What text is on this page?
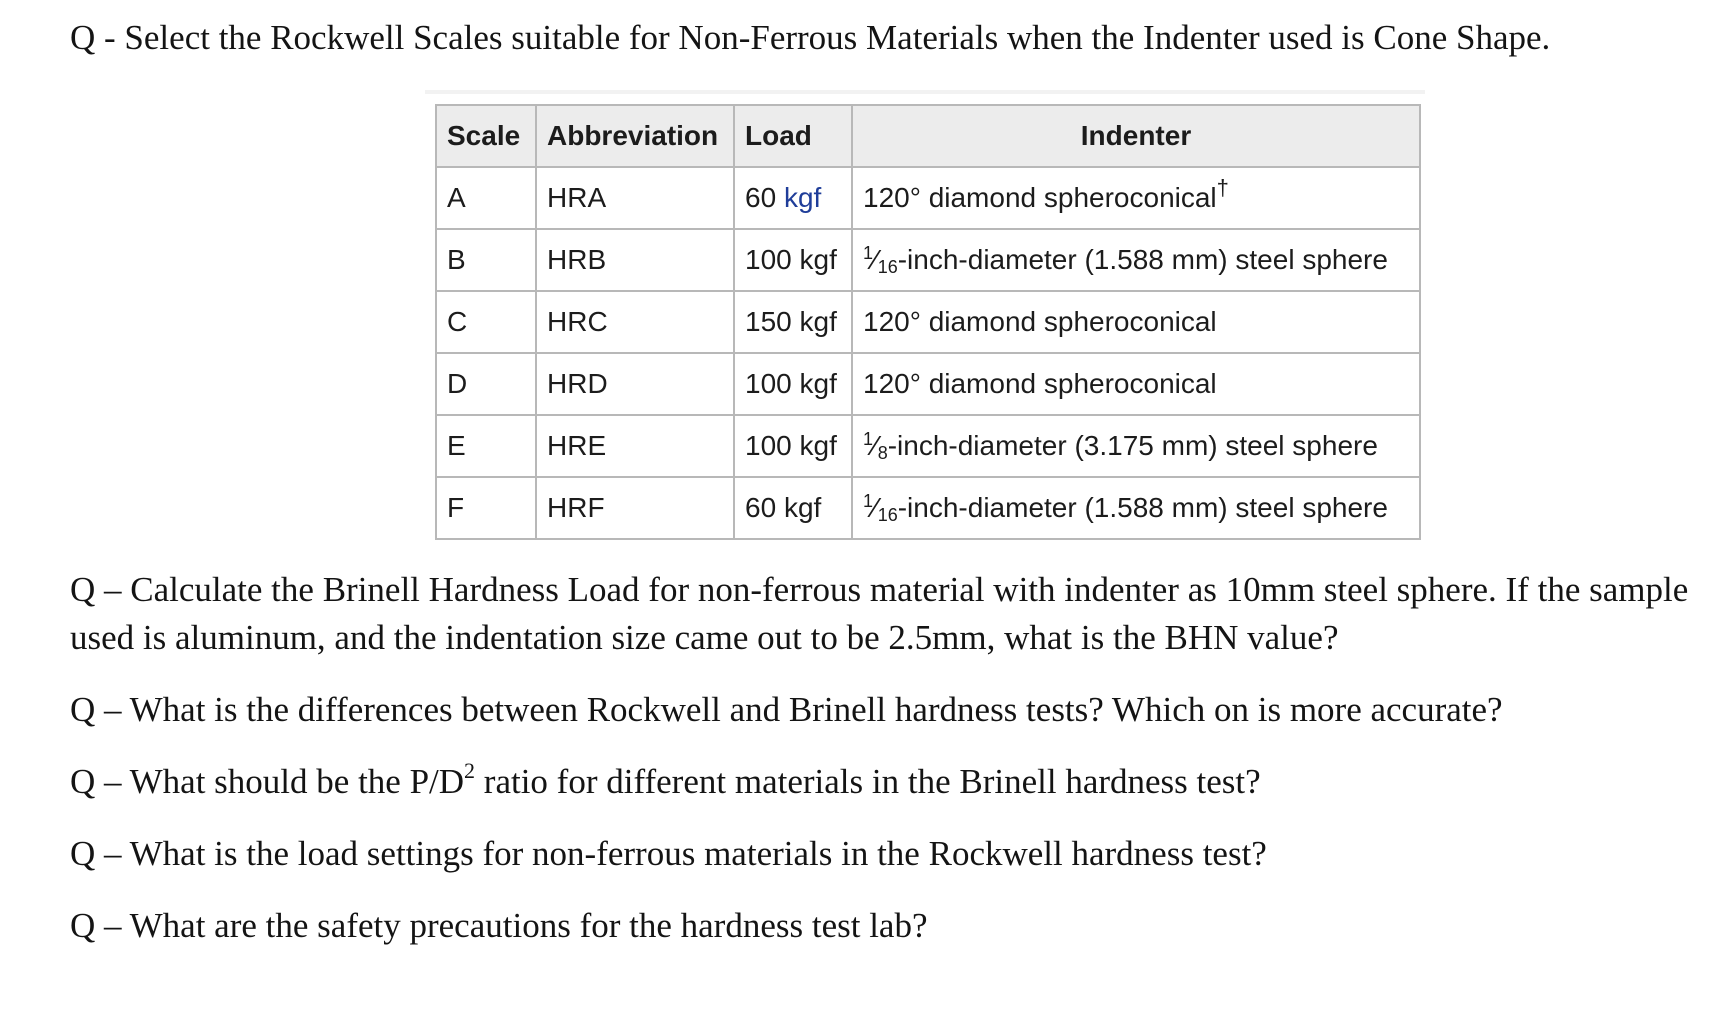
Q - Select the Rockwell Scales suitable for Non-Ferrous Materials when the Indenter used is Cone Shape.
Scale	Abbreviation	Load	Indenter
A	HRA	60 kgf	120° diamond spheroconical†
B	HRB	100 kgf	$^1$⁄16-inch-diameter (1.588 mm) steel sphere
C	HRC	150 kgf	120° diamond spheroconical
D	HRD	100 kgf	120° diamond spheroconical
E	HRE	100 kgf	$^1$⁄8-inch-diameter (3.175 mm) steel sphere
F	HRF	60 kgf	$^1$⁄16-inch-diameter (1.588 mm) steel sphere
Q – Calculate the Brinell Hardness Load for non-ferrous material with indenter as 10mm steel sphere. If the sample used is aluminum, and the indentation size came out to be 2.5mm, what is the BHN value?
Q – What is the differences between Rockwell and Brinell hardness tests? Which on is more accurate?
Q – What should be the $P/D^2$ ratio for different materials in the Brinell hardness test?
Q – What is the load settings for non-ferrous materials in the Rockwell hardness test?
Q – What are the safety precautions for the hardness test lab?
